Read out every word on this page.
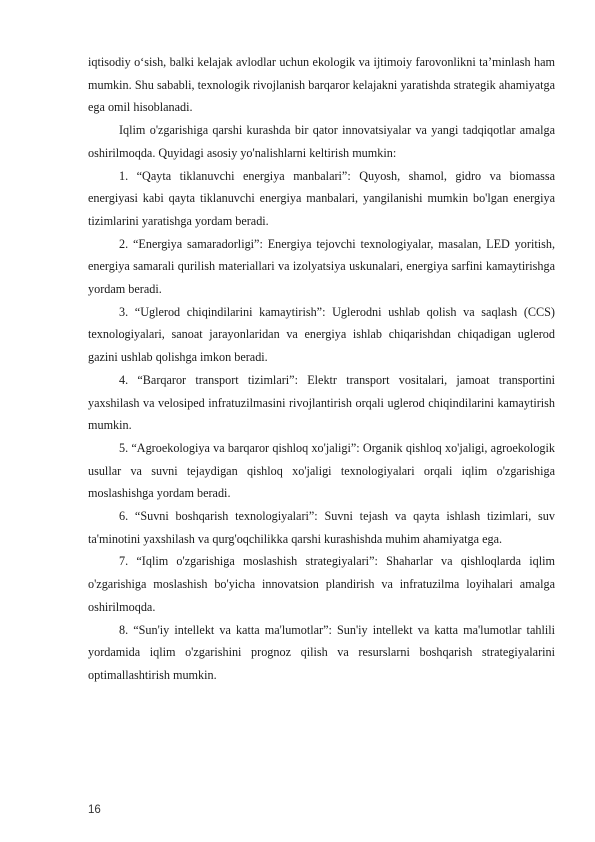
iqtisodiy o‘sish, balki kelajak avlodlar uchun ekologik va ijtimoiy farovonlikni ta’minlash ham mumkin. Shu sababli, texnologik rivojlanish barqaror kelajakni yaratishda strategik ahamiyatga ega omil hisoblanadi.

Iqlim o'zgarishiga qarshi kurashda bir qator innovatsiyalar va yangi tadqiqotlar amalga oshirilmoqda. Quyidagi asosiy yo'nalishlarni keltirish mumkin:

1. “Qayta tiklanuvchi energiya manbalari”: Quyosh, shamol, gidro va biomassa energiyasi kabi qayta tiklanuvchi energiya manbalari, yangilanishi mumkin bo'lgan energiya tizimlarini yaratishga yordam beradi.

2. “Energiya samaradorligi”: Energiya tejovchi texnologiyalar, masalan, LED yoritish, energiya samarali qurilish materiallari va izolyatsiya uskunalari, energiya sarfini kamaytirishga yordam beradi.

3. “Uglerod chiqindilarini kamaytirish”: Uglerodni ushlab qolish va saqlash (CCS) texnologiyalari, sanoat jarayonlaridan va energiya ishlab chiqarishdan chiqadigan uglerod gazini ushlab qolishga imkon beradi.

4. “Barqaror transport tizimlari”: Elektr transport vositalari, jamoat transportini yaxshilash va velosiped infratuzilmasini rivojlantirish orqali uglerod chiqindilarini kamaytirish mumkin.

5. “Agroekologiya va barqaror qishloq xo'jaligi”: Organik qishloq xo'jaligi, agroekologik usullar va suvni tejaydigan qishloq xo'jaligi texnologiyalari orqali iqlim o'zgarishiga moslashishga yordam beradi.

6. “Suvni boshqarish texnologiyalari”: Suvni tejash va qayta ishlash tizimlari, suv ta'minotini yaxshilash va qurg'oqchilikka qarshi kurashishda muhim ahamiyatga ega.

7. “Iqlim o'zgarishiga moslashish strategiyalari”: Shaharlar va qishloqlarda iqlim o'zgarishiga moslashish bo'yicha innovatsion plandirish va infratuzilma loyihalari amalga oshirilmoqda.

8. “Sun'iy intellekt va katta ma'lumotlar”: Sun'iy intellekt va katta ma'lumotlar tahlili yordamida iqlim o'zgarishini prognoz qilish va resurslarni boshqarish strategiyalarini optimallashtirish mumkin.

16
